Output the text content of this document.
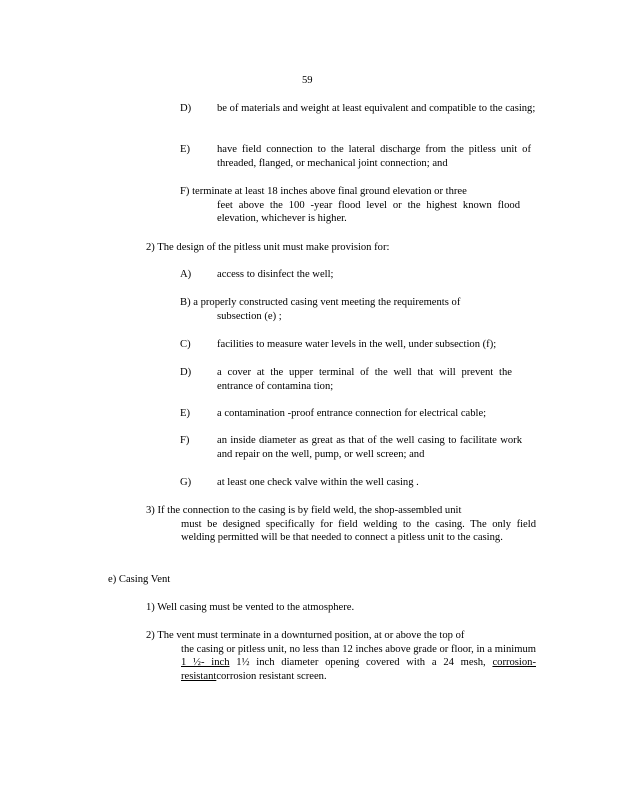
59
D) be of materials and weight at least equivalent and compatible to the casing;
E)	have field connection to the lateral discharge from the pitless unit of threaded, flanged, or mechanical joint connection; and
F) terminate at least 18 inches above final ground elevation or three
feet above the 100 -year flood level or the highest known flood elevation, whichever is higher.
2) The design of the pitless unit must make provision for:
A) access to disinfect the well;
B) a properly constructed casing vent meeting the requirements of
subsection (e) ;
C) facilities to measure water levels in the well, under subsection (f);
D) a cover at the upper terminal of the well that will prevent the entrance of contamina tion;
E)	a contamination -proof entrance connection for electrical cable;
F)	an inside diameter as great as that of the well casing to facilitate work and repair on the well, pump, or well screen; and
G) at least one check valve within the well casing .
3) If the connection to the casing is by field weld, the shop-assembled unit
must be designed specifically for field welding to the casing. The only field welding permitted will be that needed to connect a pitless unit to the casing.
e) Casing Vent
1) Well casing must be vented to the atmosphere.
2) The vent must terminate in a downturned position, at or above the top of
the casing or pitless unit, no less than 12 inches above grade or floor, in a minimum 1 ½- inch 1½ inch diameter opening covered with a 24 mesh, corrosion- resistantcorrosion resistant screen.
